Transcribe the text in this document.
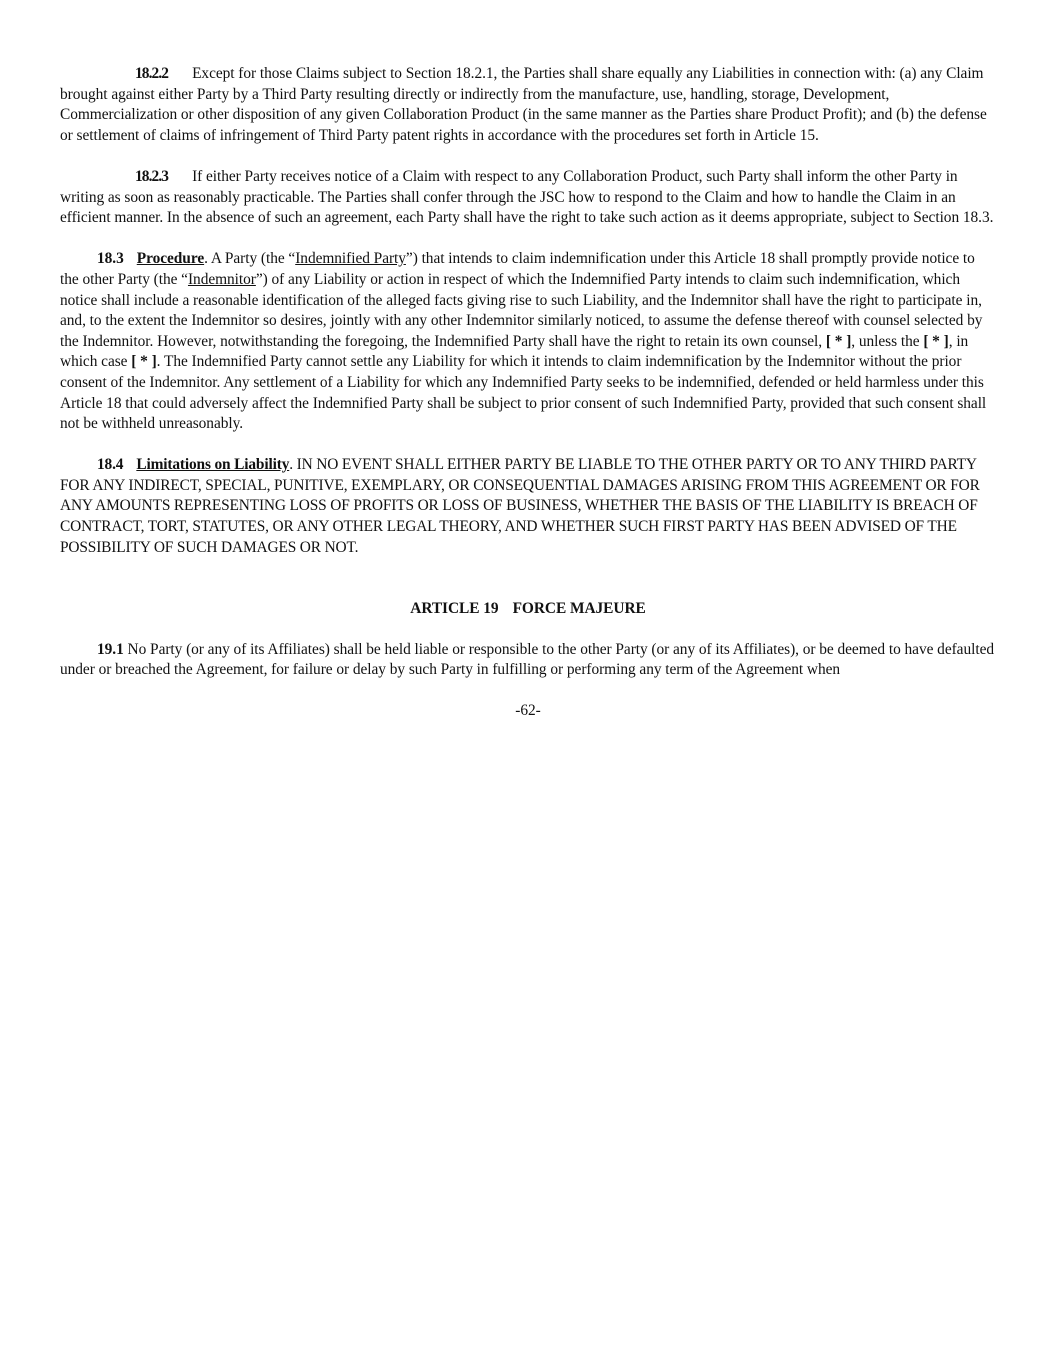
18.2.2 Except for those Claims subject to Section 18.2.1, the Parties shall share equally any Liabilities in connection with: (a) any Claim brought against either Party by a Third Party resulting directly or indirectly from the manufacture, use, handling, storage, Development, Commercialization or other disposition of any given Collaboration Product (in the same manner as the Parties share Product Profit); and (b) the defense or settlement of claims of infringement of Third Party patent rights in accordance with the procedures set forth in Article 15.

18.2.3 If either Party receives notice of a Claim with respect to any Collaboration Product, such Party shall inform the other Party in writing as soon as reasonably practicable. The Parties shall confer through the JSC how to respond to the Claim and how to handle the Claim in an efficient manner. In the absence of such an agreement, each Party shall have the right to take such action as it deems appropriate, subject to Section 18.3.

18.3 Procedure. A Party (the “Indemnified Party”) that intends to claim indemnification under this Article 18 shall promptly provide notice to the other Party (the “Indemnitor”) of any Liability or action in respect of which the Indemnified Party intends to claim such indemnification, which notice shall include a reasonable identification of the alleged facts giving rise to such Liability, and the Indemnitor shall have the right to participate in, and, to the extent the Indemnitor so desires, jointly with any other Indemnitor similarly noticed, to assume the defense thereof with counsel selected by the Indemnitor. However, notwithstanding the foregoing, the Indemnified Party shall have the right to retain its own counsel, [ * ], unless the [ * ], in which case [ * ]. The Indemnified Party cannot settle any Liability for which it intends to claim indemnification by the Indemnitor without the prior consent of the Indemnitor. Any settlement of a Liability for which any Indemnified Party seeks to be indemnified, defended or held harmless under this Article 18 that could adversely affect the Indemnified Party shall be subject to prior consent of such Indemnified Party, provided that such consent shall not be withheld unreasonably.

18.4 Limitations on Liability. IN NO EVENT SHALL EITHER PARTY BE LIABLE TO THE OTHER PARTY OR TO ANY THIRD PARTY FOR ANY INDIRECT, SPECIAL, PUNITIVE, EXEMPLARY, OR CONSEQUENTIAL DAMAGES ARISING FROM THIS AGREEMENT OR FOR ANY AMOUNTS REPRESENTING LOSS OF PROFITS OR LOSS OF BUSINESS, WHETHER THE BASIS OF THE LIABILITY IS BREACH OF CONTRACT, TORT, STATUTES, OR ANY OTHER LEGAL THEORY, AND WHETHER SUCH FIRST PARTY HAS BEEN ADVISED OF THE POSSIBILITY OF SUCH DAMAGES OR NOT.

ARTICLE 19 FORCE MAJEURE

19.1 No Party (or any of its Affiliates) shall be held liable or responsible to the other Party (or any of its Affiliates), or be deemed to have defaulted under or breached the Agreement, for failure or delay by such Party in fulfilling or performing any term of the Agreement when

-62-
